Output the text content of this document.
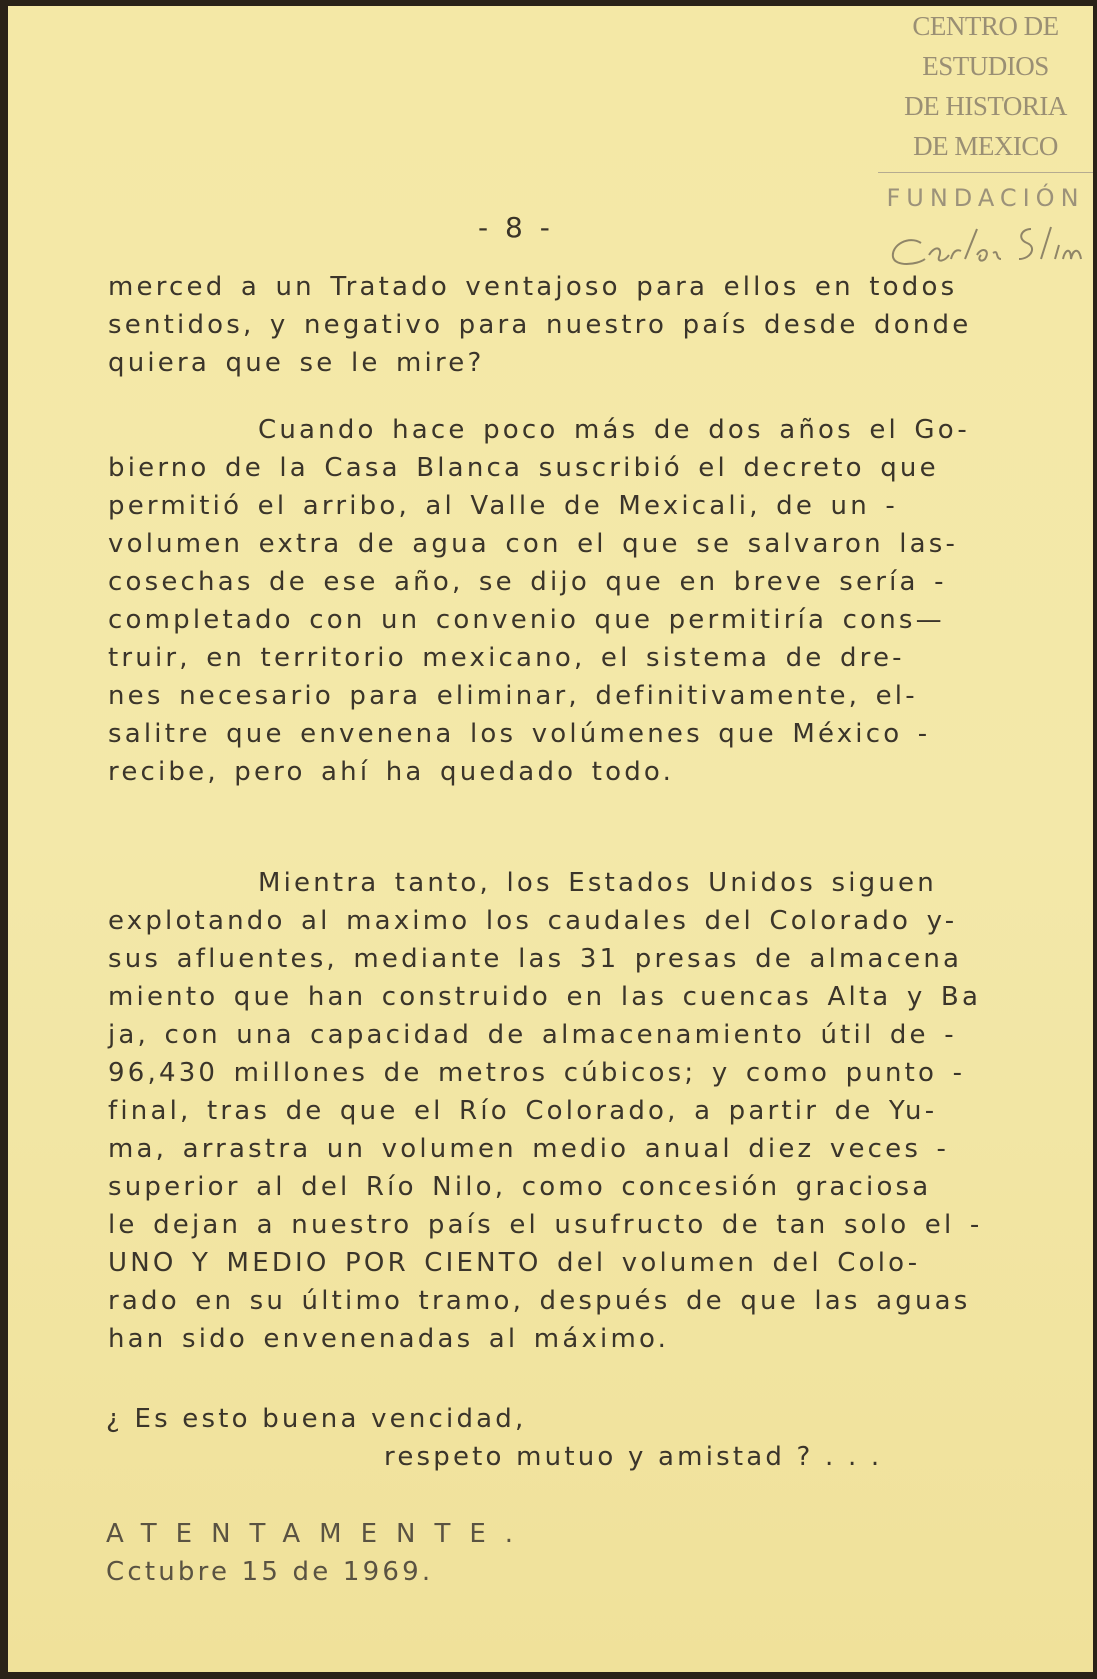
CENTRO DE
ESTUDIOS
DE HISTORIA
DE MEXICO
FUNDACIÓN
- 8 -
merced a un Tratado ventajoso para ellos en todos
sentidos, y negativo para nuestro país desde donde
quiera que se le mire?
Cuando hace poco más de dos años el Go-
bierno de la Casa Blanca suscribió el decreto que
permitió el arribo, al Valle de Mexicali, de un -
volumen extra de agua con el que se salvaron las-
cosechas de ese año, se dijo que en breve sería -
completado con un convenio que permitiría cons—
truir, en territorio mexicano, el sistema de dre-
nes necesario para eliminar, definitivamente, el-
salitre que envenena los volúmenes que México -
recibe, pero ahí ha quedado todo.
Mientra tanto, los Estados Unidos siguen
explotando al maximo los caudales del Colorado y-
sus afluentes, mediante las 31 presas de almacena
miento que han construido en las cuencas Alta y Ba
ja, con una capacidad de almacenamiento útil de -
96,430 millones de metros cúbicos; y como punto -
final, tras de que el Río Colorado, a partir de Yu-
ma, arrastra un volumen medio anual diez veces -
superior al del Río Nilo, como concesión graciosa
le dejan a nuestro país el usufructo de tan solo el -
UNO Y MEDIO POR CIENTO del volumen del Colo-
rado en su último tramo, después de que las aguas
han sido envenenadas al máximo.
¿ Es esto buena vencidad,
respeto mutuo y amistad ? . . .
ATENTAMENTE.
Cctubre 15 de 1969.
